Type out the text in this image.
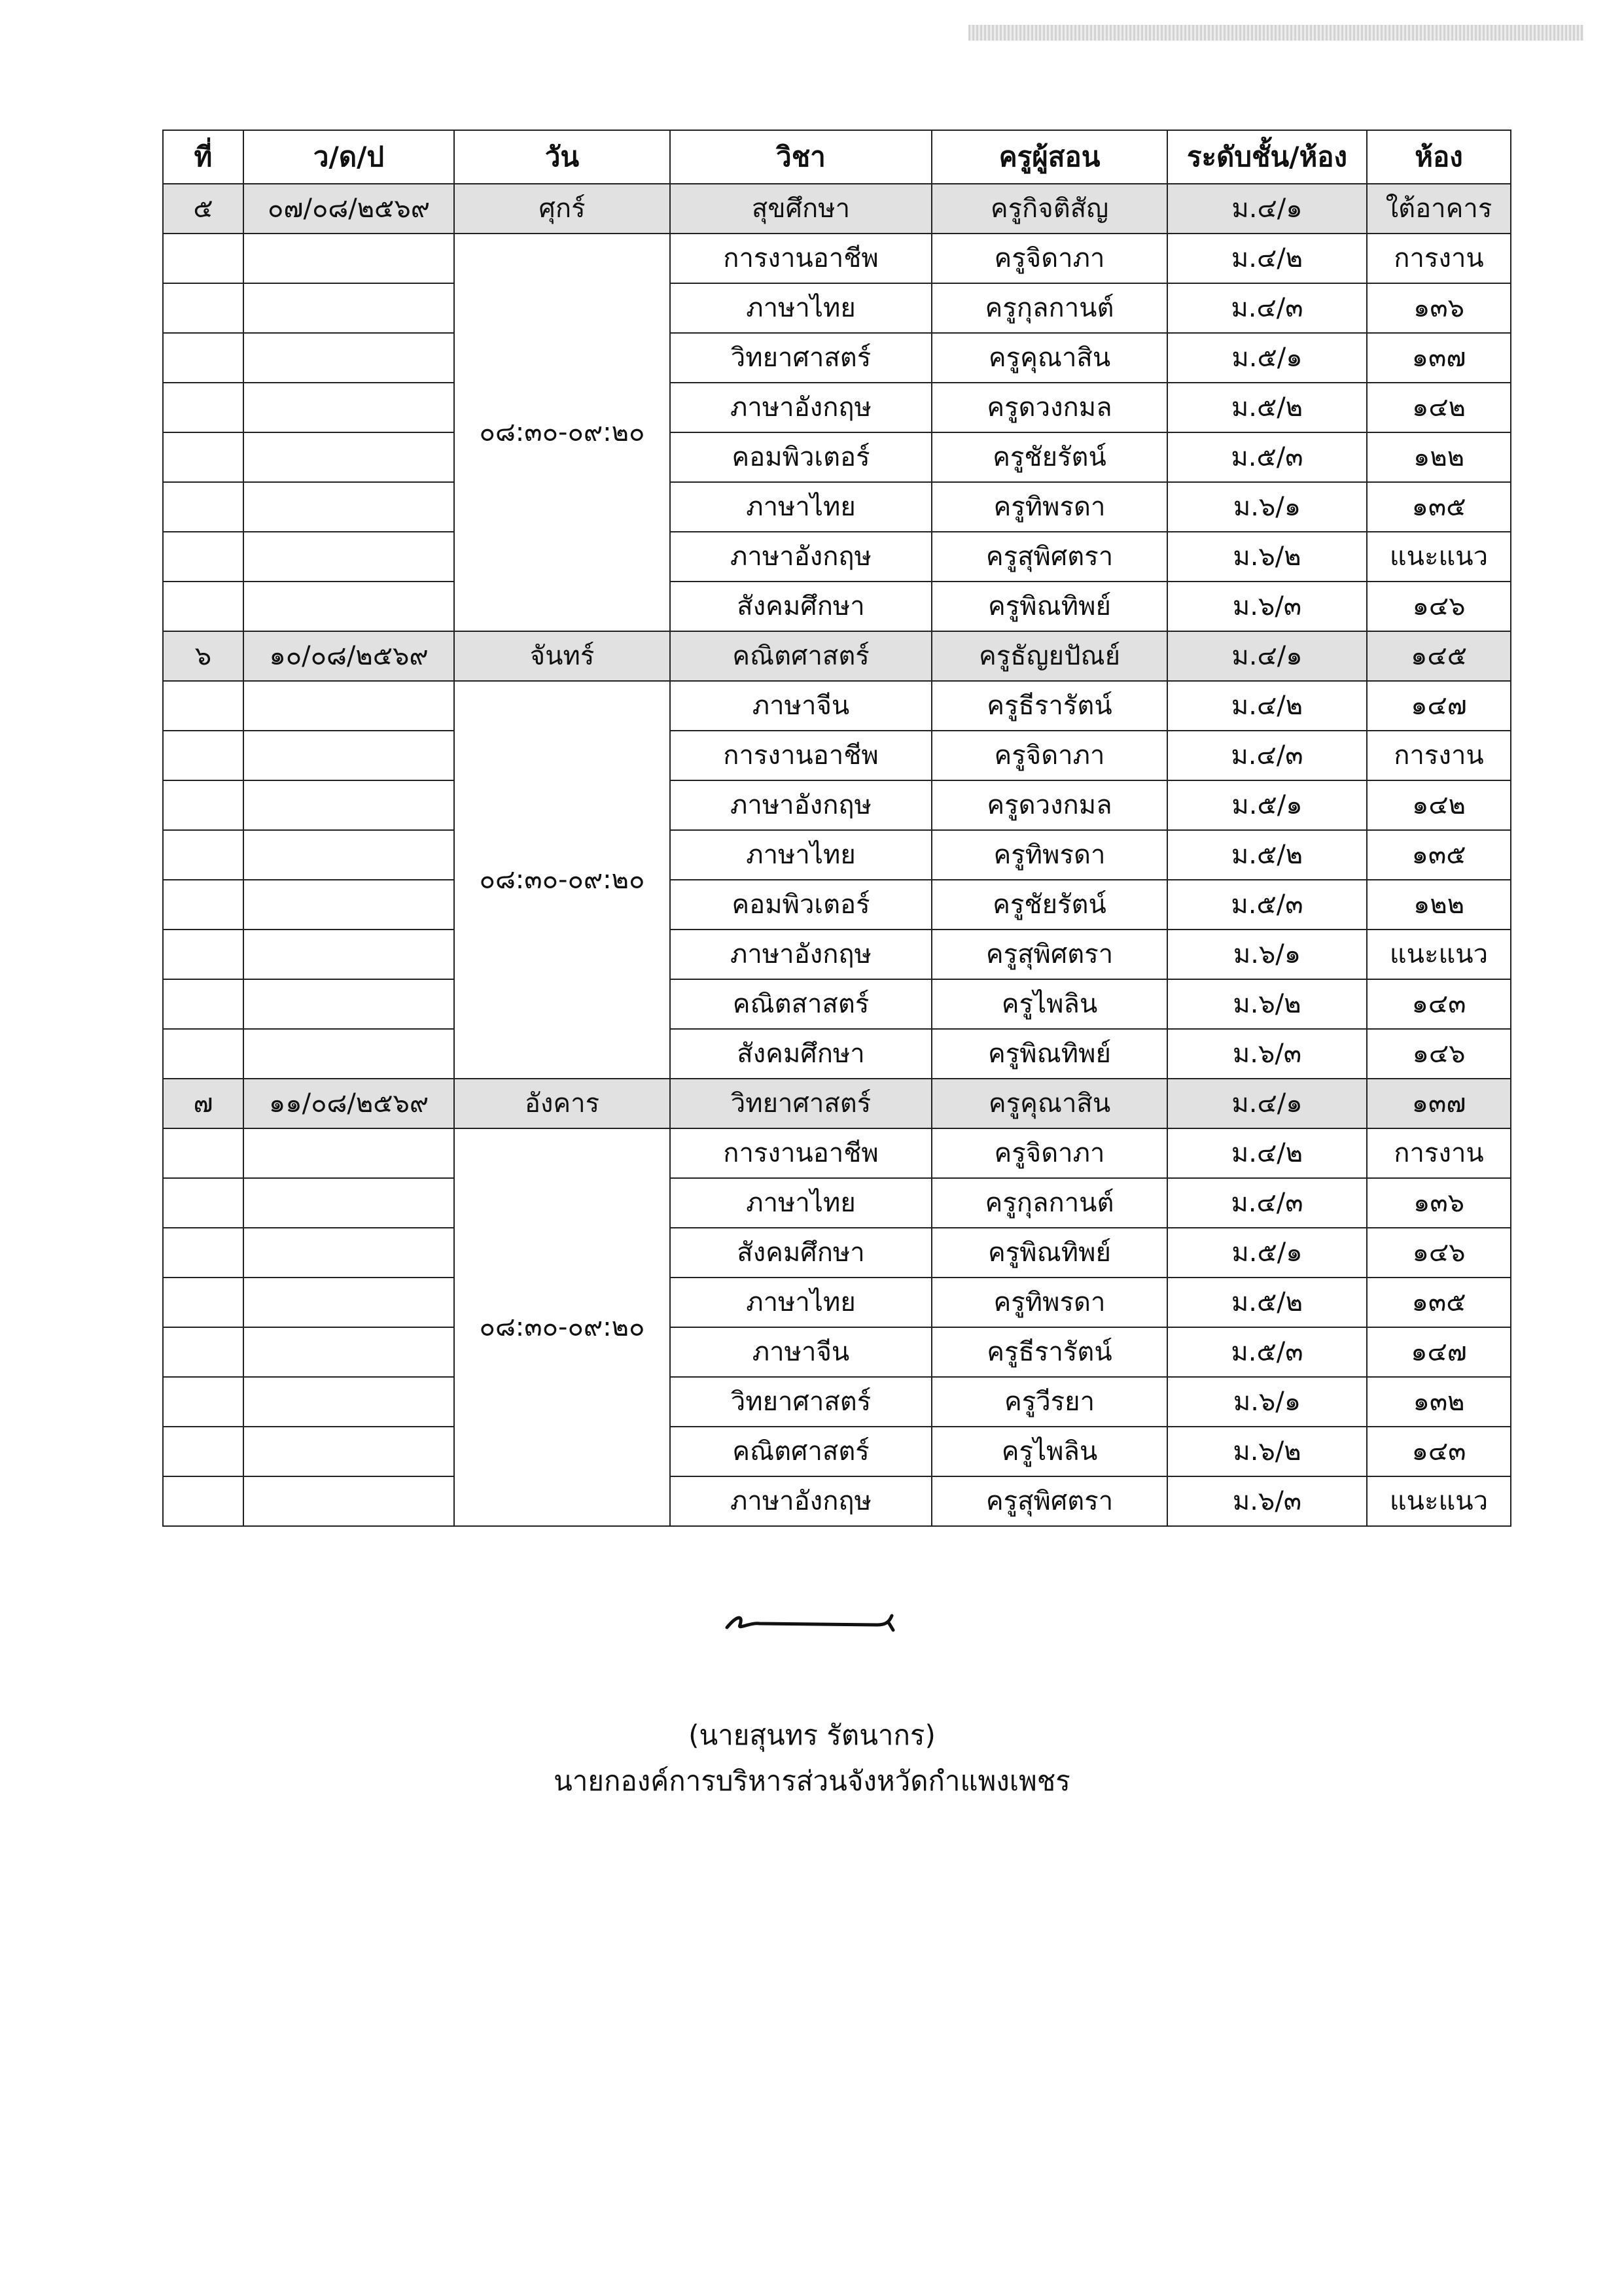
ที่	ว/ด/ป	วัน	วิชา	ครูผู้สอน	ระดับชั้น/ห้อง	ห้อง
๕	๐๗/๐๘/๒๕๖๙	ศุกร์	สุขศึกษา	ครูกิจติสัญ	ม.๔/๑	ใต้อาคาร
		๐๘:๓๐-๐๙:๒๐	การงานอาชีพ	ครูจิดาภา	ม.๔/๒	การงาน
			ภาษาไทย	ครูกุลกานต์	ม.๔/๓	๑๓๖
			วิทยาศาสตร์	ครูคุณาสิน	ม.๕/๑	๑๓๗
			ภาษาอังกฤษ	ครูดวงกมล	ม.๕/๒	๑๔๒
			คอมพิวเตอร์	ครูชัยรัตน์	ม.๕/๓	๑๒๒
			ภาษาไทย	ครูทิพรดา	ม.๖/๑	๑๓๕
			ภาษาอังกฤษ	ครูสุพิศตรา	ม.๖/๒	แนะแนว
			สังคมศึกษา	ครูพิณทิพย์	ม.๖/๓	๑๔๖
๖	๑๐/๐๘/๒๕๖๙	จันทร์	คณิตศาสตร์	ครูธัญยปัณย์	ม.๔/๑	๑๔๕
		๐๘:๓๐-๐๙:๒๐	ภาษาจีน	ครูธีรารัตน์	ม.๔/๒	๑๔๗
			การงานอาชีพ	ครูจิดาภา	ม.๔/๓	การงาน
			ภาษาอังกฤษ	ครูดวงกมล	ม.๕/๑	๑๔๒
			ภาษาไทย	ครูทิพรดา	ม.๕/๒	๑๓๕
			คอมพิวเตอร์	ครูชัยรัตน์	ม.๕/๓	๑๒๒
			ภาษาอังกฤษ	ครูสุพิศตรา	ม.๖/๑	แนะแนว
			คณิตสาสตร์	ครูไพลิน	ม.๖/๒	๑๔๓
			สังคมศึกษา	ครูพิณทิพย์	ม.๖/๓	๑๔๖
๗	๑๑/๐๘/๒๕๖๙	อังคาร	วิทยาศาสตร์	ครูคุณาสิน	ม.๔/๑	๑๓๗
		๐๘:๓๐-๐๙:๒๐	การงานอาชีพ	ครูจิดาภา	ม.๔/๒	การงาน
			ภาษาไทย	ครูกุลกานต์	ม.๔/๓	๑๓๖
			สังคมศึกษา	ครูพิณทิพย์	ม.๕/๑	๑๔๖
			ภาษาไทย	ครูทิพรดา	ม.๕/๒	๑๓๕
			ภาษาจีน	ครูธีรารัตน์	ม.๕/๓	๑๔๗
			วิทยาศาสตร์	ครูวีรยา	ม.๖/๑	๑๓๒
			คณิตศาสตร์	ครูไพลิน	ม.๖/๒	๑๔๓
			ภาษาอังกฤษ	ครูสุพิศตรา	ม.๖/๓	แนะแนว
(นายสุนทร รัตนากร)
นายกองค์การบริหารส่วนจังหวัดกำแพงเพชร
